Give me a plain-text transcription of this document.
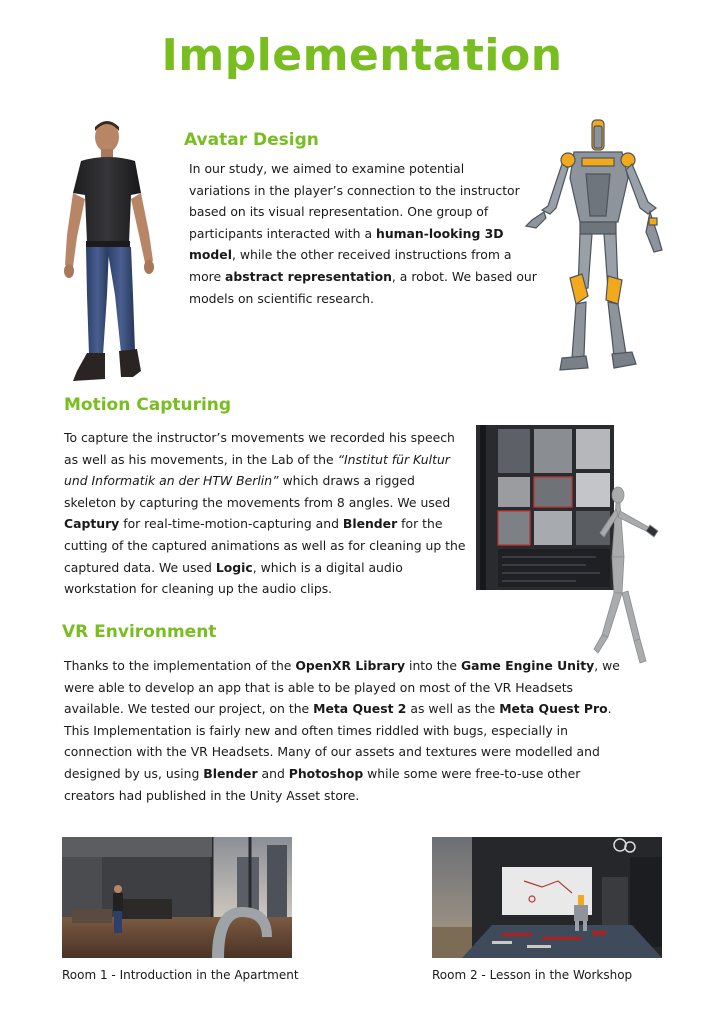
Implementation
Avatar Design
In our study, we aimed to examine potential
variations in the player’s connection to the instructor
based on its visual representation. One group of
participants interacted with a human-looking 3D
model, while the other received instructions from a
more abstract representation, a robot. We based our
models on scientific research.
Motion Capturing
To capture the instructor’s movements we recorded his speech
as well as his movements, in the Lab of the “Institut für Kultur
und Informatik an der HTW Berlin” which draws a rigged
skeleton by capturing the movements from 8 angles. We used
Captury for real-time-motion-capturing and Blender for the
cutting of the captured animations as well as for cleaning up the
captured data. We used Logic, which is a digital audio
workstation for cleaning up the audio clips.
VR Environment
Thanks to the implementation of the OpenXR Library into the Game Engine Unity, we
were able to develop an app that is able to be played on most of the VR Headsets
available. We tested our project, on the Meta Quest 2 as well as the Meta Quest Pro.
This Implementation is fairly new and often times riddled with bugs, especially in
connection with the VR Headsets. Many of our assets and textures were modelled and
designed by us, using Blender and Photoshop while some were free-to-use other
creators had published in the Unity Asset store.
Room 1 - Introduction in the Apartment	Room 2 - Lesson in the Workshop
